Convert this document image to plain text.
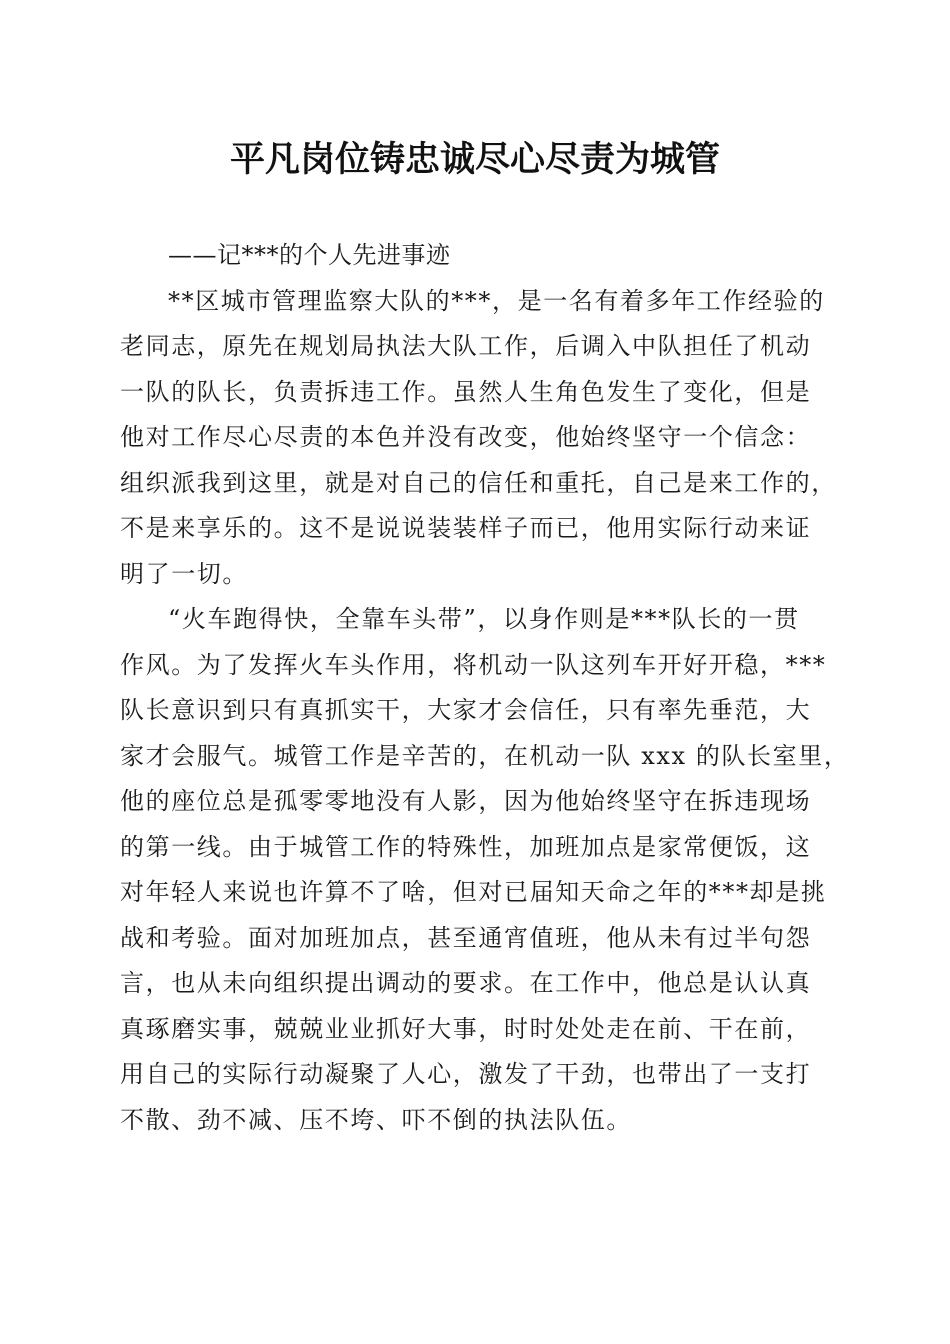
平凡岗位铸忠诚尽心尽责为城管

——记***的个人先进事迹

**区城市管理监察大队的***，是一名有着多年工作经验的
老同志，原先在规划局执法大队工作，后调入中队担任了机动
一队的队长，负责拆违工作。虽然人生角色发生了变化，但是
他对工作尽心尽责的本色并没有改变，他始终坚守一个信念：
组织派我到这里，就是对自己的信任和重托，自己是来工作的，
不是来享乐的。这不是说说装装样子而已，他用实际行动来证
明了一切。

“火车跑得快，全靠车头带”，以身作则是***队长的一贯
作风。为了发挥火车头作用，将机动一队这列车开好开稳，***
队长意识到只有真抓实干，大家才会信任，只有率先垂范，大
家才会服气。城管工作是辛苦的，在机动一队 xxx 的队长室里，
他的座位总是孤零零地没有人影，因为他始终坚守在拆违现场
的第一线。由于城管工作的特殊性，加班加点是家常便饭，这
对年轻人来说也许算不了啥，但对已届知天命之年的***却是挑
战和考验。面对加班加点，甚至通宵值班，他从未有过半句怨
言，也从未向组织提出调动的要求。在工作中，他总是认认真
真琢磨实事，兢兢业业抓好大事，时时处处走在前、干在前，
用自己的实际行动凝聚了人心，激发了干劲，也带出了一支打
不散、劲不减、压不垮、吓不倒的执法队伍。
